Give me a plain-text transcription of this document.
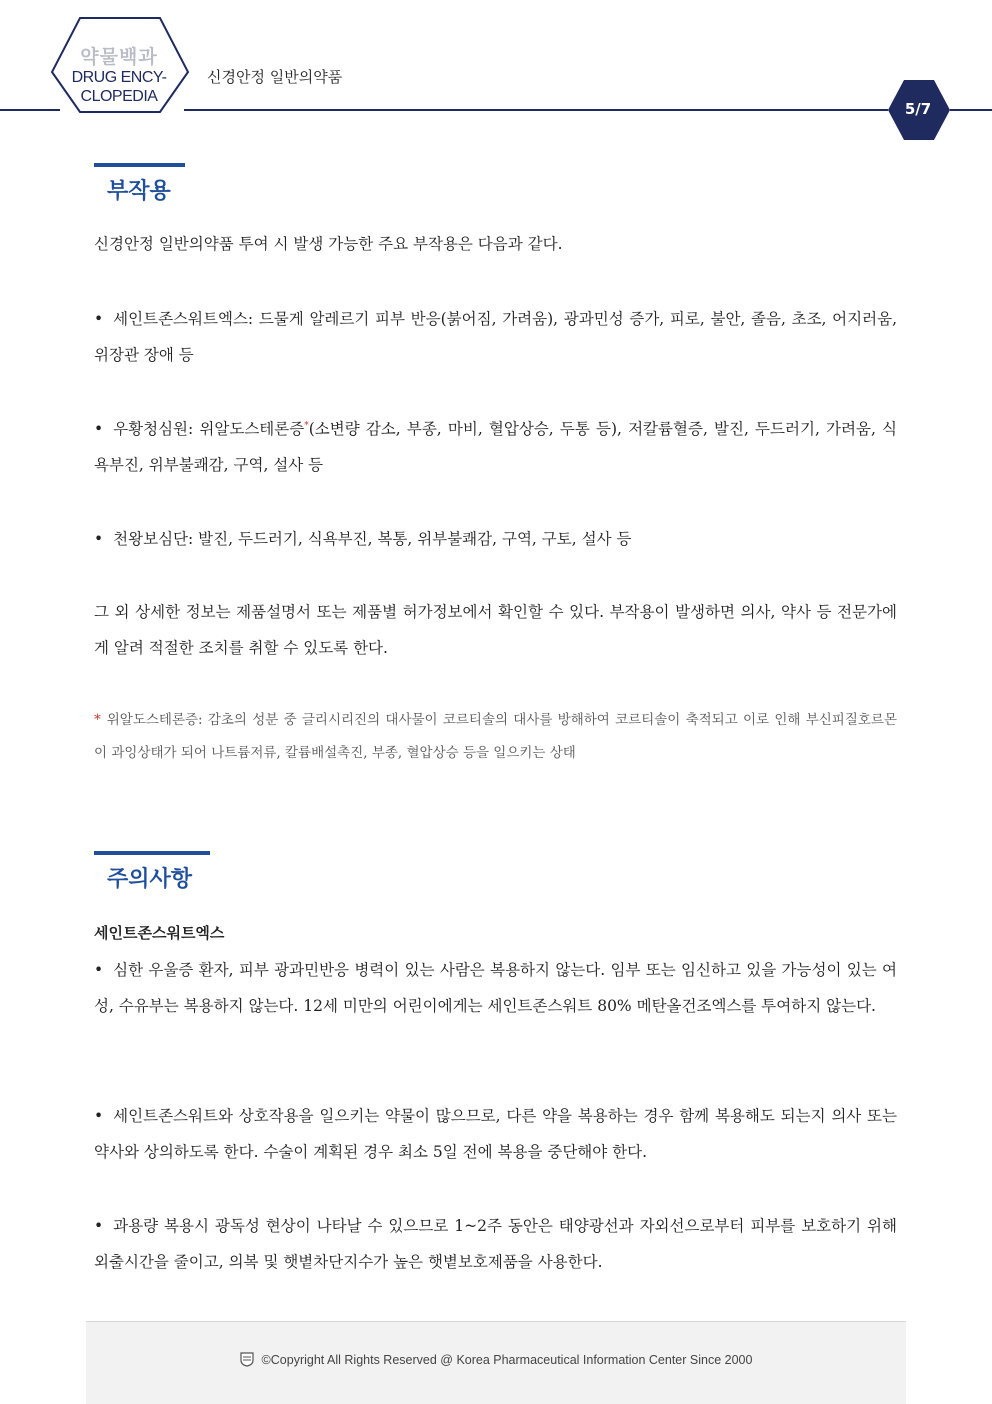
약물백과
DRUG ENCY-
CLOPEDIA
신경안정 일반의약품
5/7
부작용
신경안정 일반의약품 투여 시 발생 가능한 주요 부작용은 다음과 같다.
• 세인트존스워트엑스: 드물게 알레르기 피부 반응(붉어짐, 가려움), 광과민성 증가, 피로, 불안, 졸음, 초조, 어지러움, 위장관 장애 등
• 우황청심원: 위알도스테론증*(소변량 감소, 부종, 마비, 혈압상승, 두통 등), 저칼륨혈증, 발진, 두드러기, 가려움, 식욕부진, 위부불쾌감, 구역, 설사 등
• 천왕보심단: 발진, 두드러기, 식욕부진, 복통, 위부불쾌감, 구역, 구토, 설사 등
그 외 상세한 정보는 제품설명서 또는 제품별 허가정보에서 확인할 수 있다. 부작용이 발생하면 의사, 약사 등 전문가에게 알려 적절한 조치를 취할 수 있도록 한다.
* 위알도스테론증: 감초의 성분 중 글리시리진의 대사물이 코르티솔의 대사를 방해하여 코르티솔이 축적되고 이로 인해 부신피질호르몬이 과잉상태가 되어 나트륨저류, 칼륨배설촉진, 부종, 혈압상승 등을 일으키는 상태
주의사항
세인트존스워트엑스
• 심한 우울증 환자, 피부 광과민반응 병력이 있는 사람은 복용하지 않는다. 임부 또는 임신하고 있을 가능성이 있는 여성, 수유부는 복용하지 않는다. 12세 미만의 어린이에게는 세인트존스워트 80% 메탄올건조엑스를 투여하지 않는다.
• 세인트존스워트와 상호작용을 일으키는 약물이 많으므로, 다른 약을 복용하는 경우 함께 복용해도 되는지 의사 또는 약사와 상의하도록 한다. 수술이 계획된 경우 최소 5일 전에 복용을 중단해야 한다.
• 과용량 복용시 광독성 현상이 나타날 수 있으므로 1~2주 동안은 태양광선과 자외선으로부터 피부를 보호하기 위해 외출시간을 줄이고, 의복 및 햇볕차단지수가 높은 햇볕보호제품을 사용한다.
©Copyright All Rights Reserved @ Korea Pharmaceutical Information Center Since 2000
